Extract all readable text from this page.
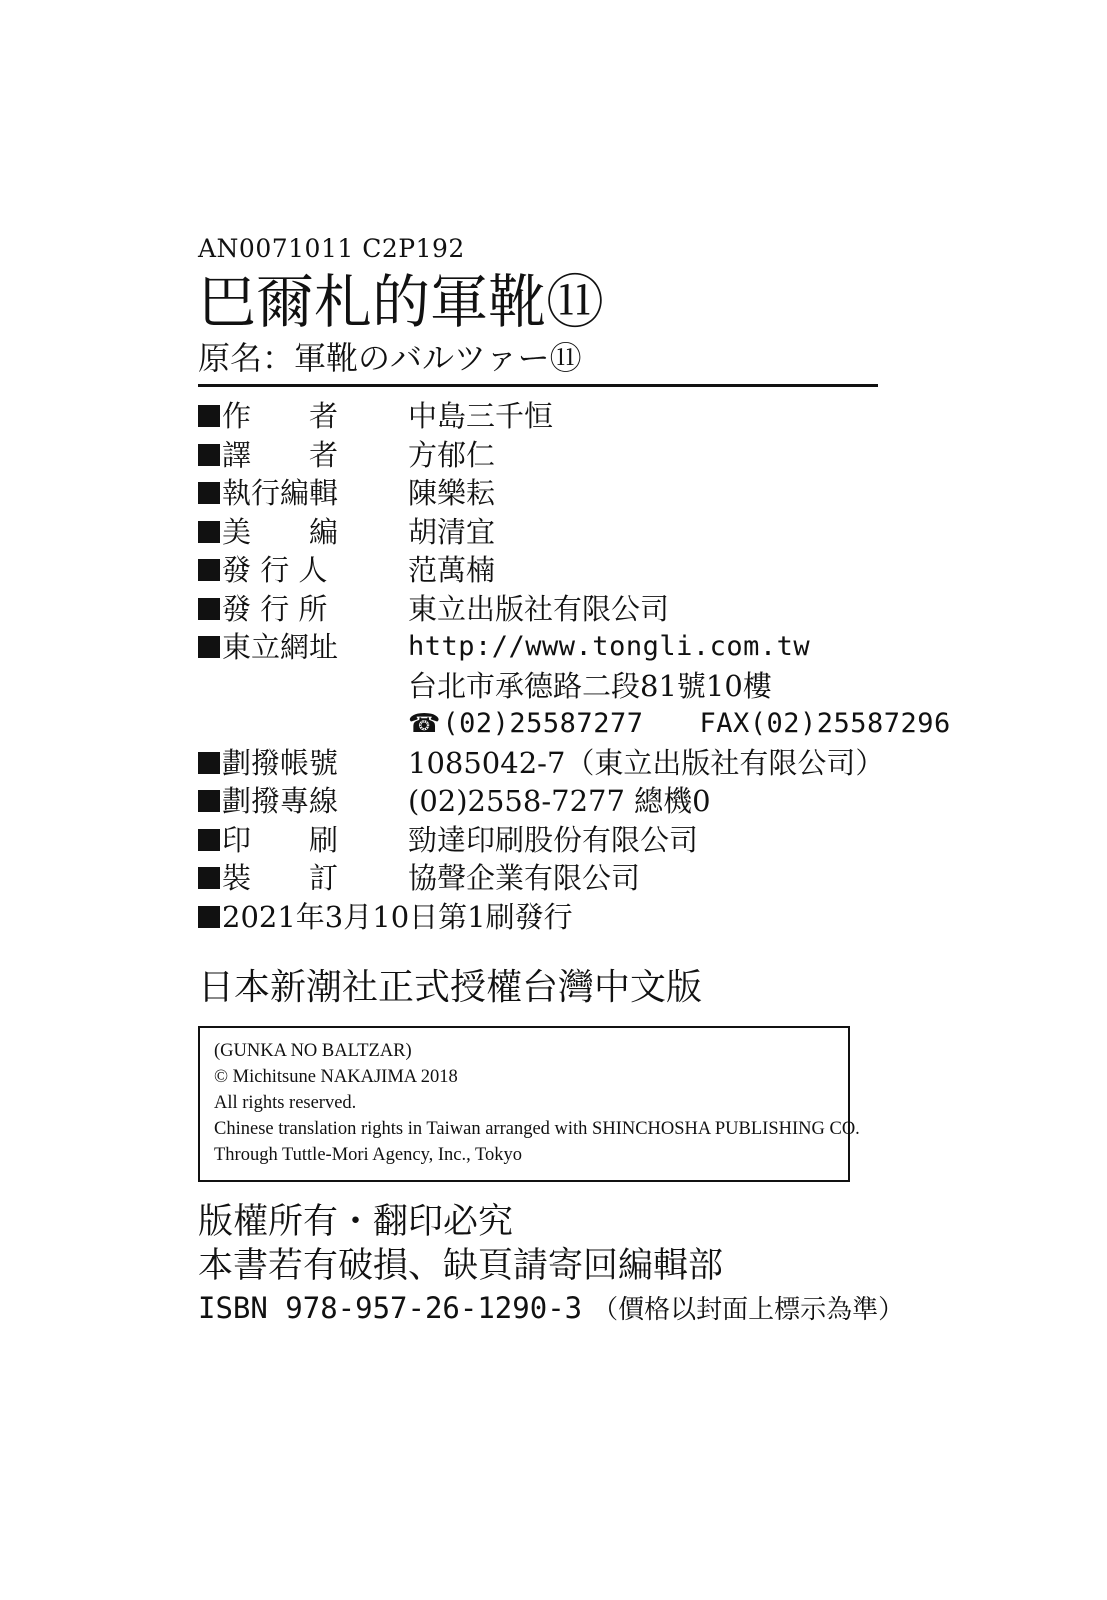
AN0071011 C2P192
巴爾札的軍靴⑪
原名：軍靴のバルツァー⑪
作　　者	中島三千恒
譯　　者	方郁仁
執行編輯	陳樂耘
美　　編	胡清宜
發 行 人	范萬楠
發 行 所	東立出版社有限公司
東立網址	http://www.tongli.com.tw
台北市承德路二段81號10樓
☎ (02)25587277 FAX(02)25587296
劃撥帳號	1085042-7（東立出版社有限公司）
劃撥專線	(02)2558-7277 總機0
印　　刷	勁達印刷股份有限公司
裝　　訂	協聲企業有限公司
2021年3月10日第1刷發行
日本新潮社正式授權台灣中文版
(GUNKA NO BALTZAR)
© Michitsune NAKAJIMA 2018
All rights reserved.
Chinese translation rights in Taiwan arranged with SHINCHOSHA PUBLISHING CO.
Through Tuttle-Mori Agency, Inc., Tokyo
版權所有・翻印必究
本書若有破損、缺頁請寄回編輯部
ISBN 978-957-26-1290-3 （價格以封面上標示為準）
